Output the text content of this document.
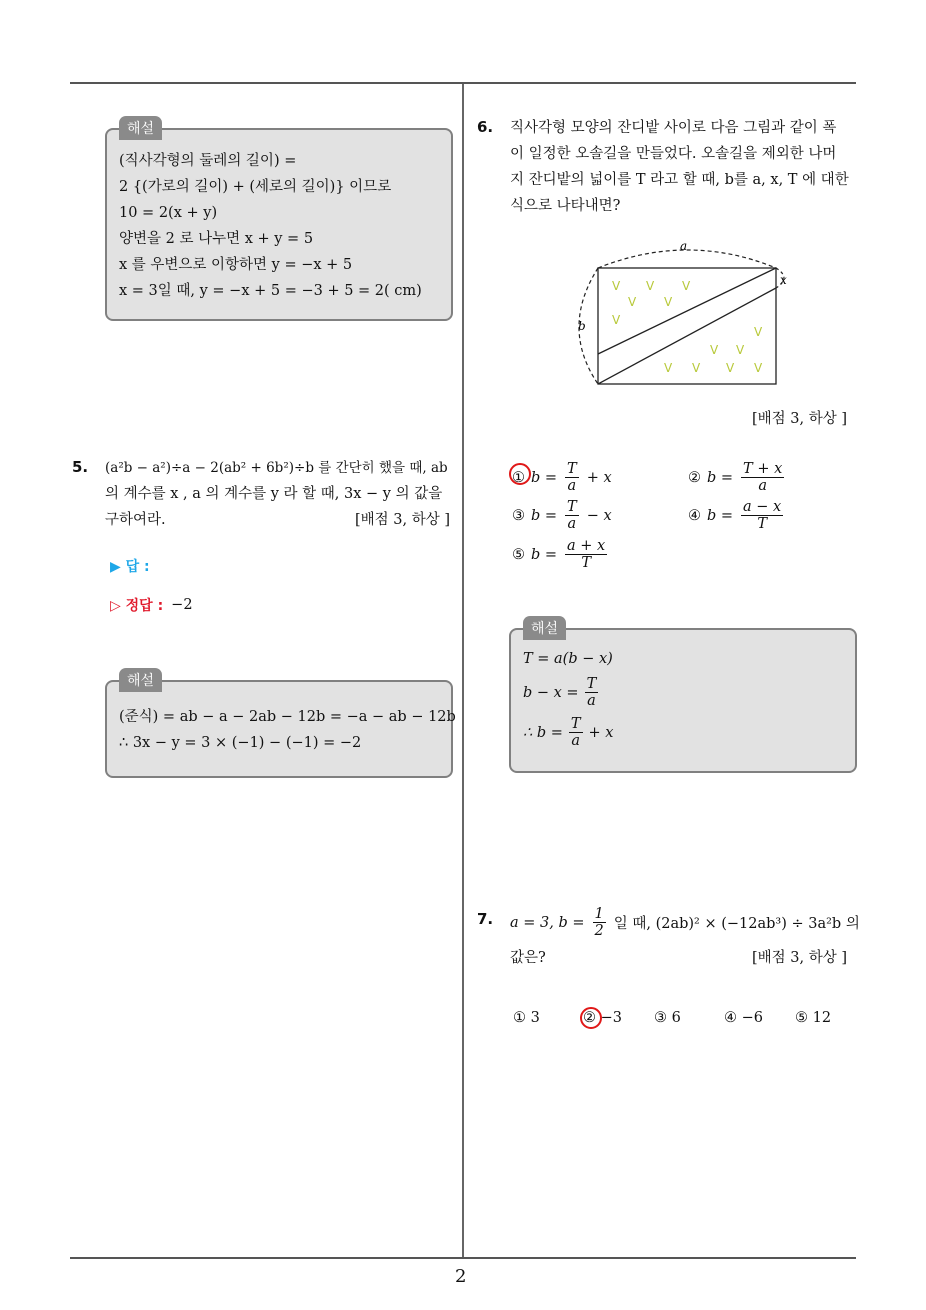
2
(직사각형의 둘레의 길이) =
2 {(가로의 길이) + (세로의 길이)} 이므로
10 = 2(x + y)
양변을 2 로 나누면 x + y = 5
x 를 우변으로 이항하면 y = −x + 5
x = 3일 때, y = −x + 5 = −3 + 5 = 2( cm)
해설
5. (a²b − a²)÷a − 2(ab² + 6b²)÷b 를 간단히 했을 때, ab
의 계수를 x , a 의 계수를 y 라 할 때, 3x − y 의 값을
구하여라.	[배점 3, 하상 ]
▶ 답 :
▷ 정답 : −2
(준식) = ab − a − 2ab − 12b = −a − ab − 12b
∴ 3x − y = 3 × (−1) − (−1) = −2
해설
6. 직사각형 모양의 잔디밭 사이로 다음 그림과 같이 폭
이 일정한 오솔길을 만들었다. 오솔길을 제외한 나머
지 잔디밭의 넓이를 T 라고 할 때, b를 a, x, T 에 대한
식으로 나타내면?
a
b
x
V V V
V V
V
V
V V
V V V V
[배점 3, 하상 ]
① $b = \frac{T}{a} + x$	② $b = \frac{T + x}{a}$
③ $b = \frac{T}{a} - x$	④ $b = \frac{a - x}{T}$
⑤ $b = \frac{a + x}{T}$
T = a(b − x)
$b - x = \frac{T}{a}$
∴ $b = \frac{T}{a} + x$
해설
7. a = 3, $b = \frac{1}{2}$ 일 때, (2ab)² × (−12ab³) ÷ 3a²b 의
값은?	[배점 3, 하상 ]
① 3	② −3 ③ 6	④ −6 ⑤ 12
